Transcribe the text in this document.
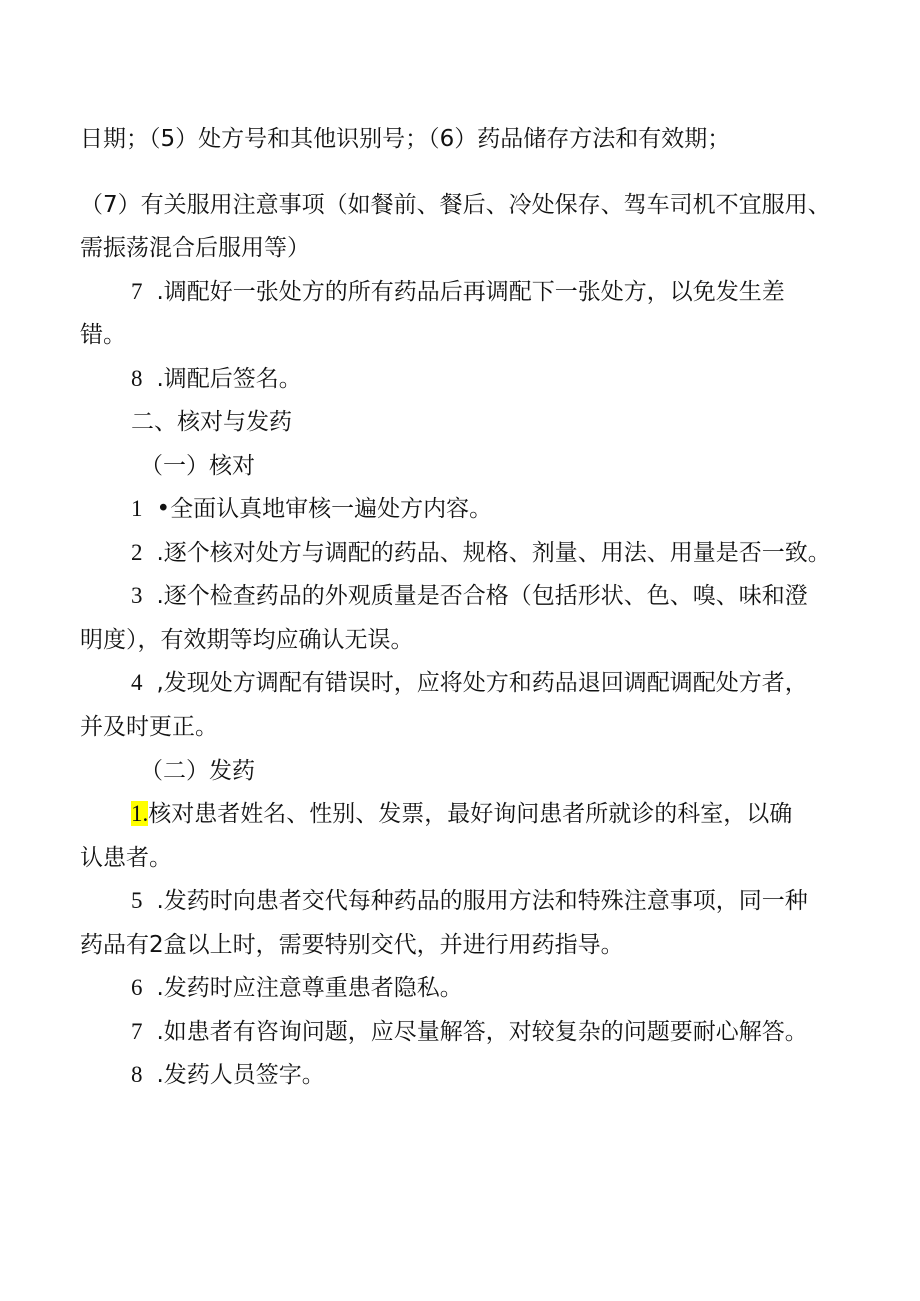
日期；（5）处方号和其他识别号；（6）药品储存方法和有效期；
（7）有关服用注意事项（如餐前、餐后、冷处保存、驾车司机不宜服用、
需振荡混合后服用等）
7 .调配好一张处方的所有药品后再调配下一张处方，以免发生差
错。
8 .调配后签名。
二、核对与发药
（一）核对
1 •全面认真地审核一遍处方内容。
2 .逐个核对处方与调配的药品、规格、剂量、用法、用量是否一致。
3 .逐个检查药品的外观质量是否合格（包括形状、色、嗅、味和澄
明度），有效期等均应确认无误。
4 ,发现处方调配有错误时，应将处方和药品退回调配调配处方者，
并及时更正。
（二）发药
1.核对患者姓名、性别、发票，最好询问患者所就诊的科室，以确
认患者。
5 .发药时向患者交代每种药品的服用方法和特殊注意事项，同一种
药品有2盒以上时，需要特别交代，并进行用药指导。
6 .发药时应注意尊重患者隐私。
7 .如患者有咨询问题，应尽量解答，对较复杂的问题要耐心解答。
8 .发药人员签字。
